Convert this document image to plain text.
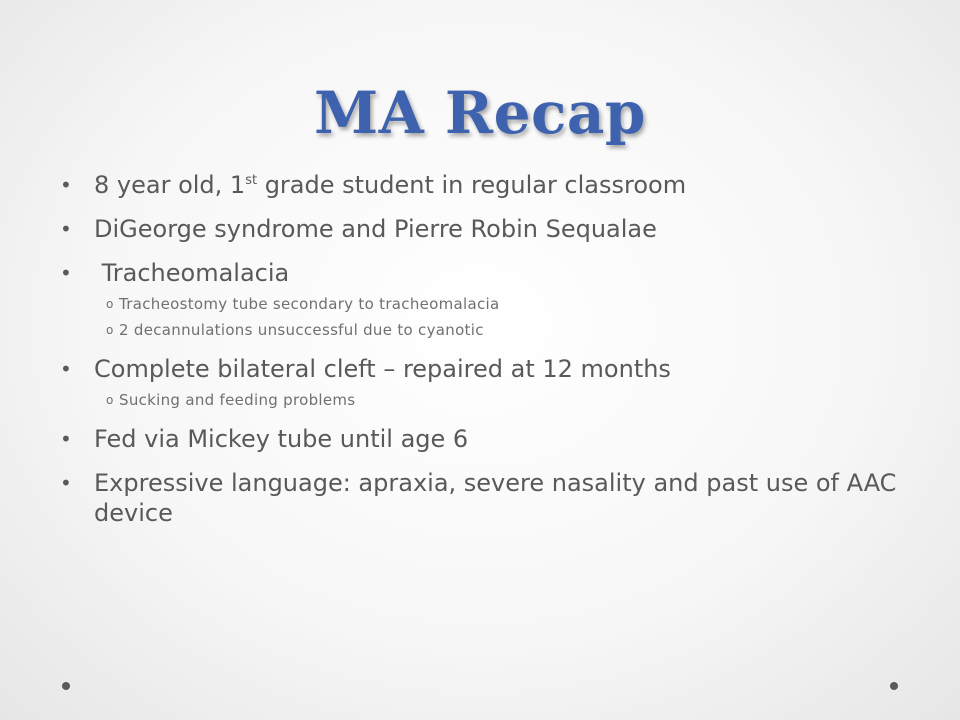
MA Recap
• 8 year old, 1st grade student in regular classroom
• DiGeorge syndrome and Pierre Robin Sequalae
• Tracheomalacia
o Tracheostomy tube secondary to tracheomalacia
o 2 decannulations unsuccessful due to cyanotic
• Complete bilateral cleft – repaired at 12 months
o Sucking and feeding problems
• Fed via Mickey tube until age 6
• Expressive language: apraxia, severe nasality and past use of AAC device
